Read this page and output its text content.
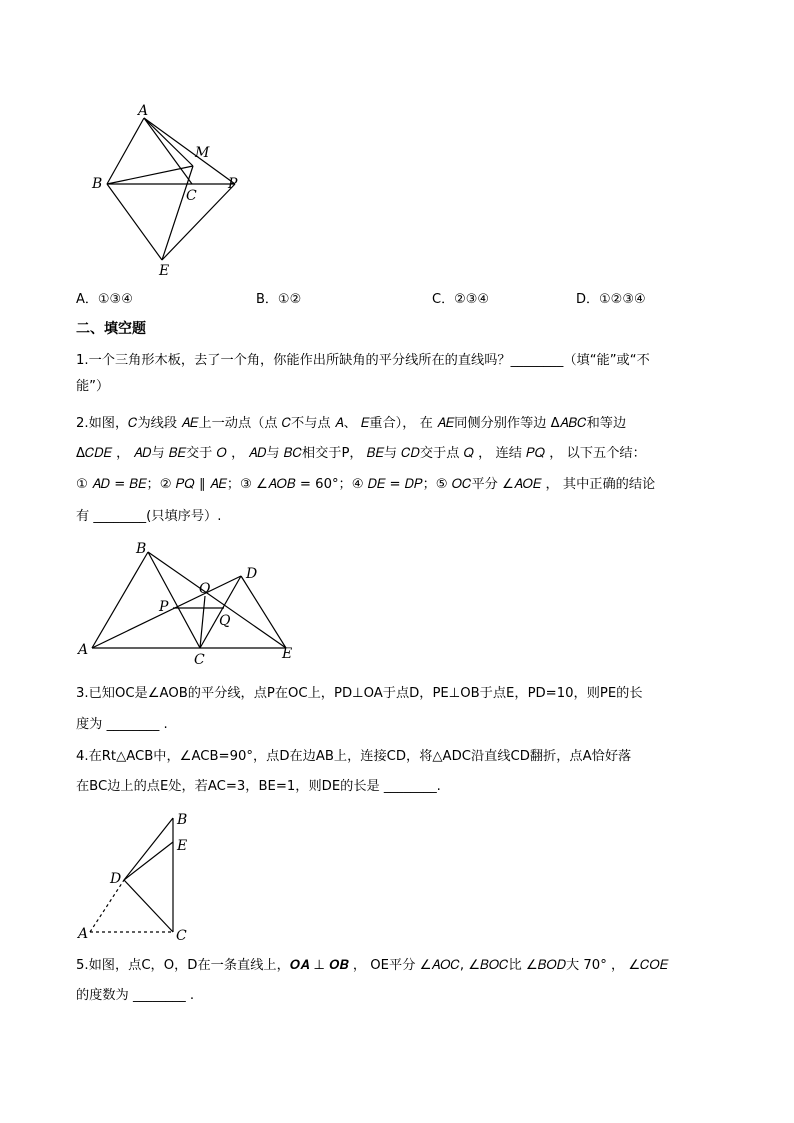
A
M
B
C
P
E
A．①③④	B．①②	C．②③④	D．①②③④
二、填空题
1.一个三角形木板，去了一个角，你能作出所缺角的平分线所在的直线吗？________（填“能”或“不
能”）
2.如图，𝐶为线段 𝐴𝐸上一动点（点 𝐶不与点 𝐴、 𝐸重合）， 在 𝐴𝐸同侧分别作等边 Δ𝐴𝐵𝐶和等边
Δ𝐶𝐷𝐸 ， 𝐴𝐷与 𝐵𝐸交于 𝑂 ， 𝐴𝐷与 𝐵𝐶相交于P， 𝐵𝐸与 𝐶𝐷交于点 𝑄 ， 连结 𝑃𝑄 ， 以下五个结：
① 𝐴𝐷 = 𝐵𝐸；② 𝑃𝑄 ∥ 𝐴𝐸；③ ∠𝐴𝑂𝐵 = 60°；④ 𝐷𝐸 = 𝐷𝑃；⑤ 𝑂𝐶平分 ∠𝐴𝑂𝐸 ， 其中正确的结论
有 ________(只填序号）.
B
D
O
P
Q
A
C	E
3.已知OC是∠AOB的平分线，点P在OC上，PD⊥OA于点D，PE⊥OB于点E，PD=10，则PE的长
度为 ________ .
4.在Rt△ACB中，∠ACB=90°，点D在边AB上，连接CD，将△ADC沿直线CD翻折，点A恰好落
在BC边上的点E处，若AC=3，BE=1，则DE的长是 ________.
B
E
D
A	C
5.如图，点C，O，D在一条直线上，𝑶𝑨 ⊥ 𝑶𝑩 ， OE平分 ∠𝐴𝑂𝐶, ∠𝐵𝑂𝐶比 ∠𝐵𝑂𝐷大 70° ， ∠𝐶𝑂𝐸
的度数为 ________ .
